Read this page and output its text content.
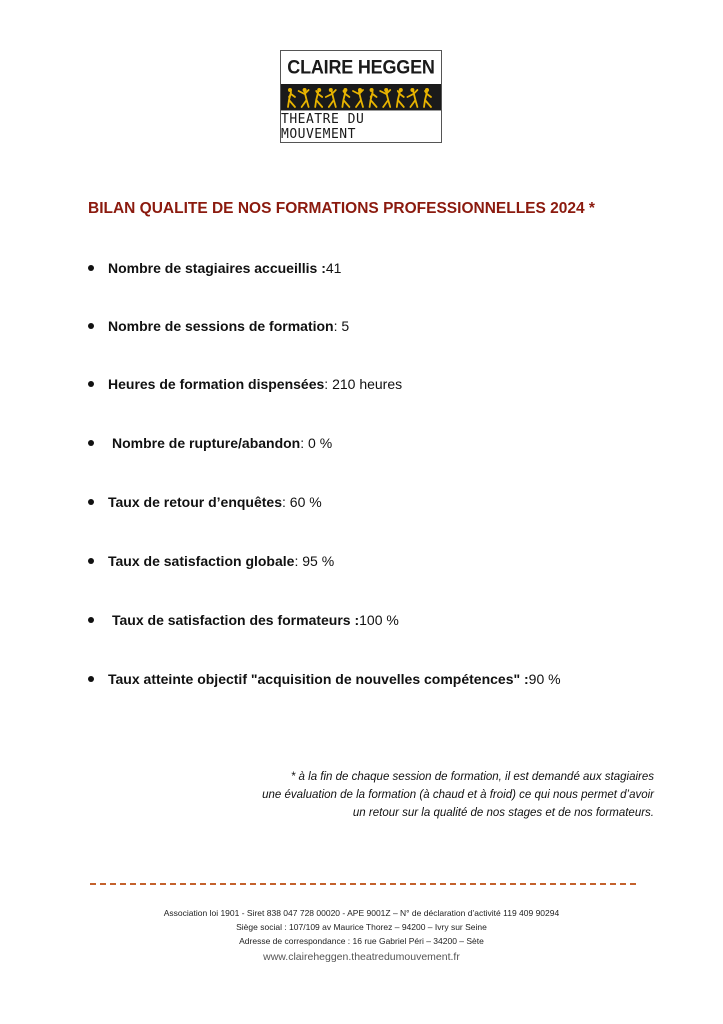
CLAIRE HEGGEN
THEATRE DU MOUVEMENT
BILAN QUALITE DE NOS FORMATIONS PROFESSIONNELLES 2024 *
Nombre de stagiaires accueillis : 41
Nombre de sessions de formation : 5
Heures de formation dispensées : 210 heures
Nombre de rupture/abandon : 0 %
Taux de retour d’enquêtes : 60 %
Taux de satisfaction globale : 95 %
Taux de satisfaction des formateurs : 100 %
Taux atteinte objectif "acquisition de nouvelles compétences" : 90 %
* à la fin de chaque session de formation, il est demandé aux stagiaires
une évaluation de la formation (à chaud et à froid) ce qui nous permet d’avoir
un retour sur la qualité de nos stages et de nos formateurs.
Association loi 1901 - Siret 838 047 728 00020 - APE 9001Z – N° de déclaration d’activité 119 409 90294
Siège social : 107/109 av Maurice Thorez – 94200 – Ivry sur Seine
Adresse de correspondance : 16 rue Gabriel Péri – 34200 – Sète
www.claireheggen.theatredumouvement.fr
